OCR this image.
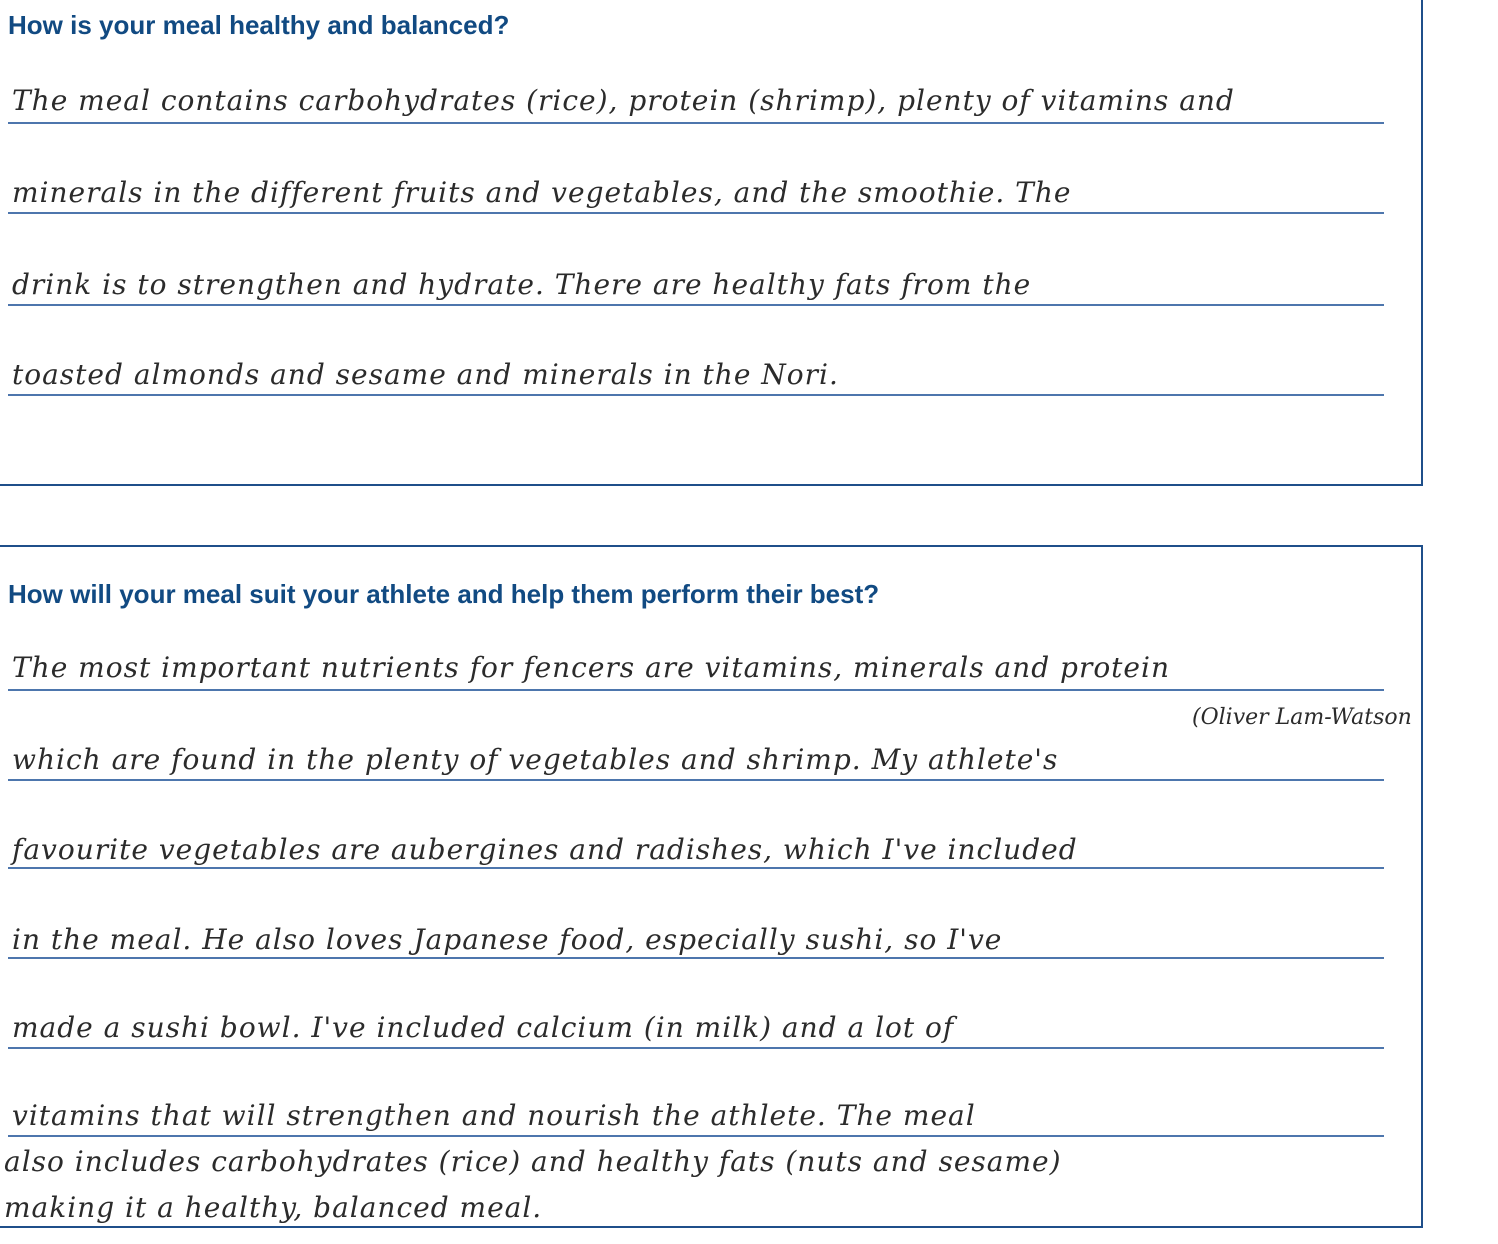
How is your meal healthy and balanced?

The meal contains carbohydrates (rice), protein (shrimp), plenty of vitamins and

minerals in the different fruits and vegetables, and the smoothie. The

drink is to strengthen and hydrate. There are healthy fats from the

toasted almonds and sesame and minerals in the Nori.

How will your meal suit your athlete and help them perform their best?

The most important nutrients for fencers are vitamins, minerals and protein

(Oliver Lam-Watson

which are found in the plenty of vegetables and shrimp. My athlete's

favourite vegetables are aubergines and radishes, which I've included

in the meal. He also loves Japanese food, especially sushi, so I've

made a sushi bowl. I've included calcium (in milk) and a lot of

vitamins that will strengthen and nourish the athlete. The meal

also includes carbohydrates (rice) and healthy fats (nuts and sesame)

making it a healthy, balanced meal.
